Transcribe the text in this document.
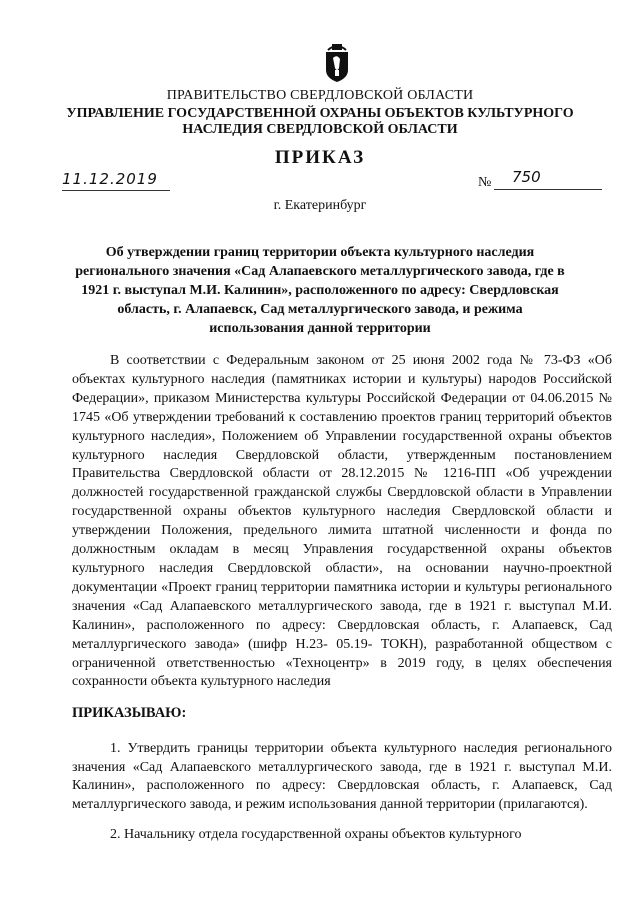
ПРАВИТЕЛЬСТВО СВЕРДЛОВСКОЙ ОБЛАСТИ
УПРАВЛЕНИЕ ГОСУДАРСТВЕННОЙ ОХРАНЫ ОБЪЕКТОВ КУЛЬТУРНОГО НАСЛЕДИЯ СВЕРДЛОВСКОЙ ОБЛАСТИ
ПРИКАЗ
11.12.2019	№	750
г. Екатеринбург
Об утверждении границ территории объекта культурного наследия регионального значения «Сад Алапаевского металлургического завода, где в 1921 г. выступал М.И. Калинин», расположенного по адресу: Свердловская область, г. Алапаевск, Сад металлургического завода, и режима использования данной территории
В соответствии с Федеральным законом от 25 июня 2002 года № 73-ФЗ «Об объектах культурного наследия (памятниках истории и культуры) народов Российской Федерации», приказом Министерства культуры Российской Федерации от 04.06.2015 № 1745 «Об утверждении требований к составлению проектов границ территорий объектов культурного наследия», Положением об Управлении государственной охраны объектов культурного наследия Свердловской области, утвержденным постановлением Правительства Свердловской области от 28.12.2015 № 1216-ПП «Об учреждении должностей государственной гражданской службы Свердловской области в Управлении государственной охраны объектов культурного наследия Свердловской области и утверждении Положения, предельного лимита штатной численности и фонда по должностным окладам в месяц Управления государственной охраны объектов культурного наследия Свердловской области», на основании научно-проектной документации «Проект границ территории памятника истории и культуры регионального значения «Сад Алапаевского металлургического завода, где в 1921 г. выступал М.И. Калинин», расположенного по адресу: Свердловская область, г. Алапаевск, Сад металлургического завода» (шифр Н.23- 05.19- ТОКН), разработанной обществом с ограниченной ответственностью «Техноцентр» в 2019 году, в целях обеспечения сохранности объекта культурного наследия
ПРИКАЗЫВАЮ:
1. Утвердить границы территории объекта культурного наследия регионального значения «Сад Алапаевского металлургического завода, где в 1921 г. выступал М.И. Калинин», расположенного по адресу: Свердловская область, г. Алапаевск, Сад металлургического завода, и режим использования данной территории (прилагаются).
2. Начальнику отдела государственной охраны объектов культурного
